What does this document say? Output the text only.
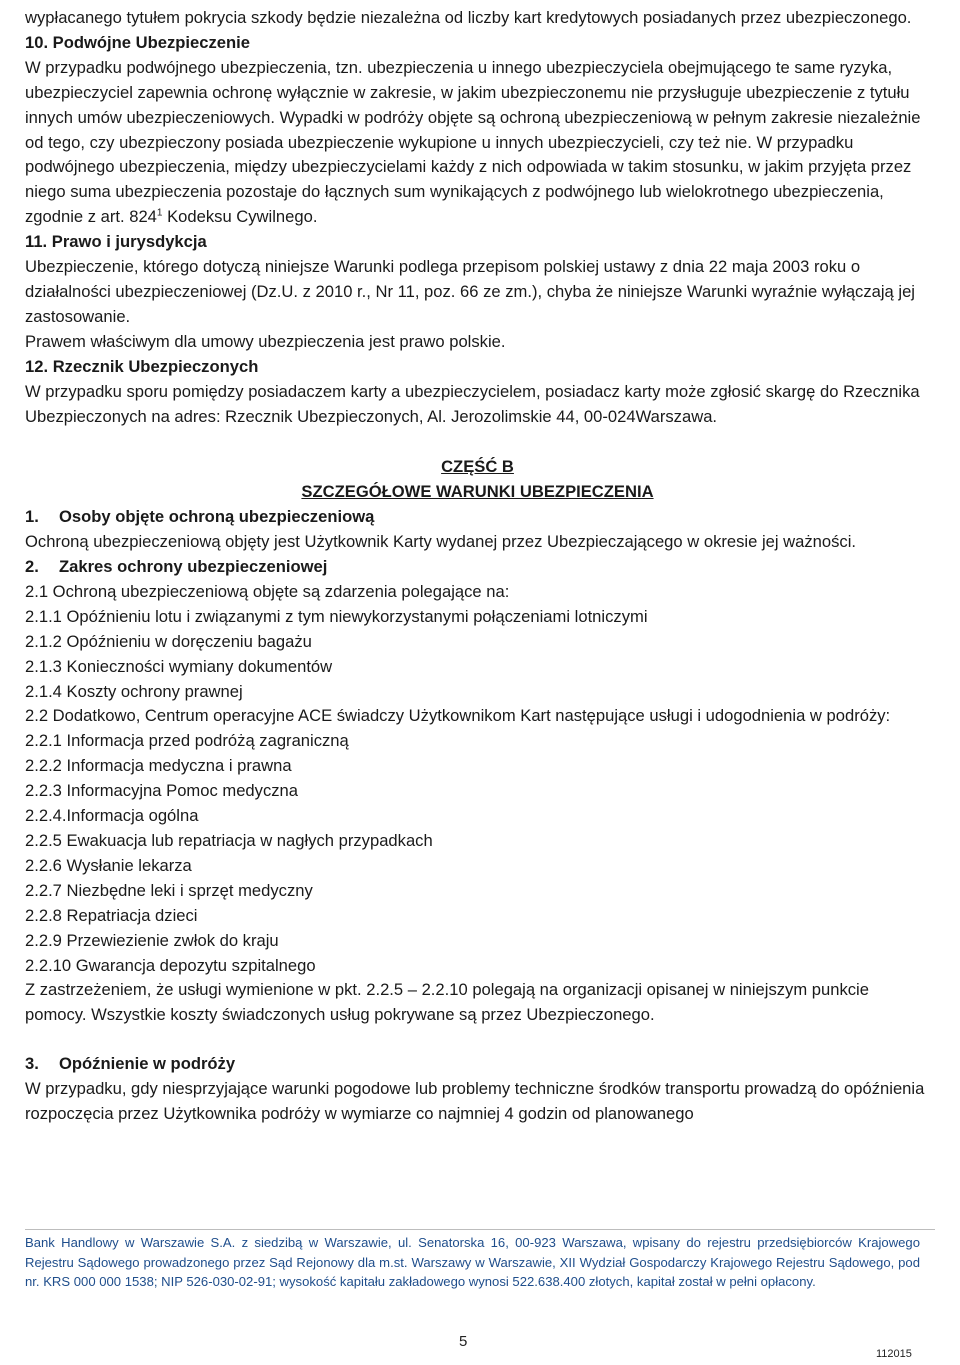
wypłacanego tytułem pokrycia szkody będzie niezależna od liczby kart kredytowych posiadanych przez ubezpieczonego.

10. Podwójne Ubezpieczenie

W przypadku podwójnego ubezpieczenia, tzn. ubezpieczenia u innego ubezpieczyciela obejmującego te same ryzyka, ubezpieczyciel zapewnia ochronę wyłącznie w zakresie, w jakim ubezpieczonemu nie przysługuje ubezpieczenie z tytułu innych umów ubezpieczeniowych. Wypadki w podróży objęte są ochroną ubezpieczeniową w pełnym zakresie niezależnie od tego, czy ubezpieczony posiada ubezpieczenie wykupione u innych ubezpieczycieli, czy też nie. W przypadku podwójnego ubezpieczenia, między ubezpieczycielami każdy z nich odpowiada w takim stosunku, w jakim przyjęta przez niego suma ubezpieczenia pozostaje do łącznych sum wynikających z podwójnego lub wielokrotnego ubezpieczenia, zgodnie z art. $824^1$ Kodeksu Cywilnego.

11. Prawo i jurysdykcja

Ubezpieczenie, którego dotyczą niniejsze Warunki podlega przepisom polskiej ustawy z dnia 22 maja 2003 roku o działalności ubezpieczeniowej (Dz.U. z 2010 r., Nr 11, poz. 66 ze zm.), chyba że niniejsze Warunki wyraźnie wyłączają jej zastosowanie.

Prawem właściwym dla umowy ubezpieczenia jest prawo polskie.

12. Rzecznik Ubezpieczonych

W przypadku sporu pomiędzy posiadaczem karty a ubezpieczycielem, posiadacz karty może zgłosić skargę do Rzecznika Ubezpieczonych na adres: Rzecznik Ubezpieczonych, Al. Jerozolimskie 44, 00-024Warszawa.

CZĘŚĆ B
SZCZEGÓŁOWE WARUNKI UBEZPIECZENIA

1. Osoby objęte ochroną ubezpieczeniową

Ochroną ubezpieczeniową objęty jest Użytkownik Karty wydanej przez Ubezpieczającego w okresie jej ważności.

2. Zakres ochrony ubezpieczeniowej

2.1 Ochroną ubezpieczeniową objęte są zdarzenia polegające na:

2.1.1 Opóźnieniu lotu i związanymi z tym niewykorzystanymi połączeniami lotniczymi

2.1.2 Opóźnieniu w doręczeniu bagażu

2.1.3 Konieczności wymiany dokumentów

2.1.4 Koszty ochrony prawnej

2.2 Dodatkowo, Centrum operacyjne ACE świadczy Użytkownikom Kart następujące usługi i udogodnienia w podróży:

2.2.1 Informacja przed podróżą zagraniczną

2.2.2 Informacja medyczna i prawna

2.2.3 Informacyjna Pomoc medyczna

2.2.4.Informacja ogólna

2.2.5 Ewakuacja lub repatriacja w nagłych przypadkach

2.2.6 Wysłanie lekarza

2.2.7 Niezbędne leki i sprzęt medyczny

2.2.8 Repatriacja dzieci

2.2.9 Przewiezienie zwłok do kraju

2.2.10 Gwarancja depozytu szpitalnego

Z zastrzeżeniem, że usługi wymienione w pkt. 2.2.5 – 2.2.10 polegają na organizacji opisanej w niniejszym punkcie pomocy. Wszystkie koszty świadczonych usług pokrywane są przez Ubezpieczonego.

3. Opóźnienie w podróży

W przypadku, gdy niesprzyjające warunki pogodowe lub problemy techniczne środków transportu prowadzą do opóźnienia rozpoczęcia przez Użytkownika podróży w wymiarze co najmniej 4 godzin od planowanego

Bank Handlowy w Warszawie S.A. z siedzibą w Warszawie, ul. Senatorska 16, 00-923 Warszawa, wpisany do rejestru przedsiębiorców Krajowego Rejestru Sądowego prowadzonego przez Sąd Rejonowy dla m.st. Warszawy w Warszawie, XII Wydział Gospodarczy Krajowego Rejestru Sądowego, pod nr. KRS 000 000 1538; NIP 526-030-02-91; wysokość kapitału zakładowego wynosi 522.638.400 złotych, kapitał został w pełni opłacony.
5
112015
